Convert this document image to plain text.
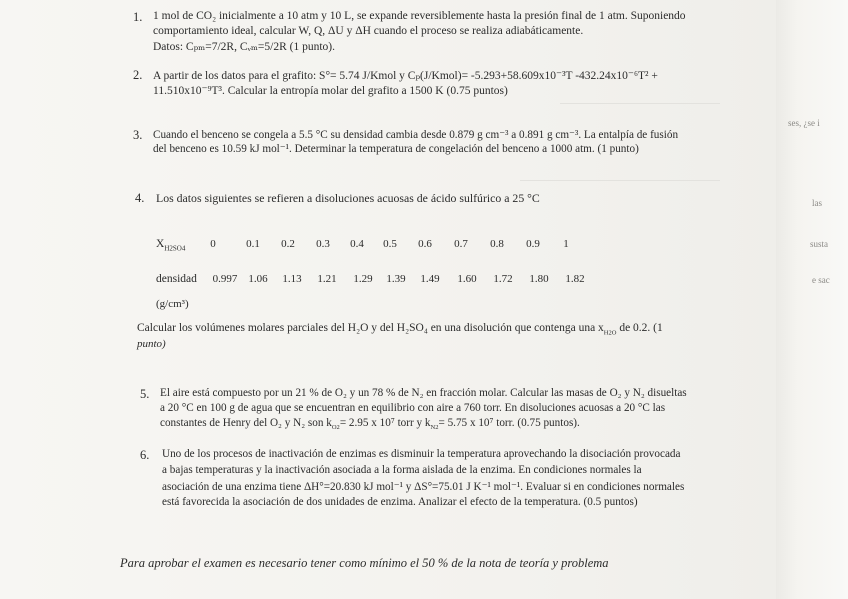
1. 1 mol de CO₂ inicialmente a 10 atm y 10 L, se expande reversiblemente hasta la presión final de 1 atm. Suponiendo
comportamiento ideal, calcular W, Q, ΔU y ΔH cuando el proceso se realiza adiabáticamente.
Datos: Cₚₘ=7/2R, Cᵥₘ=5/2R (1 punto).
2. A partir de los datos para el grafito: S°= 5.74 J/Kmol y Cₚ(J/Kmol)= -5.293+58.609x10⁻³T -432.24x10⁻⁶T² +
11.510x10⁻⁹T³. Calcular la entropía molar del grafito a 1500 K (0.75 puntos)
3. Cuando el benceno se congela a 5.5 °C su densidad cambia desde 0.879 g cm⁻³ a 0.891 g cm⁻³. La entalpía de fusión
del benceno es 10.59 kJ mol⁻¹. Determinar la temperatura de congelación del benceno a 1000 atm. (1 punto)
4. Los datos siguientes se refieren a disoluciones acuosas de ácido sulfúrico a 25 °C
$X_{H2SO4}$	0	0.1	0.2	0.3	0.4	0.5	0.6	0.7	0.8	0.9	1
densidad	0.997	1.06	1.13	1.21	1.29	1.39	1.49	1.60	1.72	1.80	1.82
(g/cm³)
Calcular los volúmenes molares parciales del H₂O y del H₂SO₄ en una disolución que contenga una $x_{H2O}$ de 0.2. (1
punto)
5. El aire está compuesto por un 21 % de O₂ y un 78 % de N₂ en fracción molar. Calcular las masas de O₂ y N₂ disueltas
a 20 °C en 100 g de agua que se encuentran en equilibrio con aire a 760 torr. En disoluciones acuosas a 20 °C las
constantes de Henry del O₂ y N₂ son $k_{O2}= 2.95$ x 10⁷ torr y $k_{N2}= 5.75$ x 10⁷ torr. (0.75 puntos).
6. Uno de los procesos de inactivación de enzimas es disminuir la temperatura aprovechando la disociación provocada
a bajas temperaturas y la inactivación asociada a la forma aislada de la enzima. En condiciones normales la
asociación de una enzima tiene ΔH°=20.830 kJ mol⁻¹ y ΔS°=75.01 J K⁻¹ mol⁻¹. Evaluar si en condiciones normales
está favorecida la asociación de dos unidades de enzima. Analizar el efecto de la temperatura. (0.5 puntos)
Para aprobar el examen es necesario tener como mínimo el 50 % de la nota de teoría y problema
ses, ¿se i
las
susta
e sac
